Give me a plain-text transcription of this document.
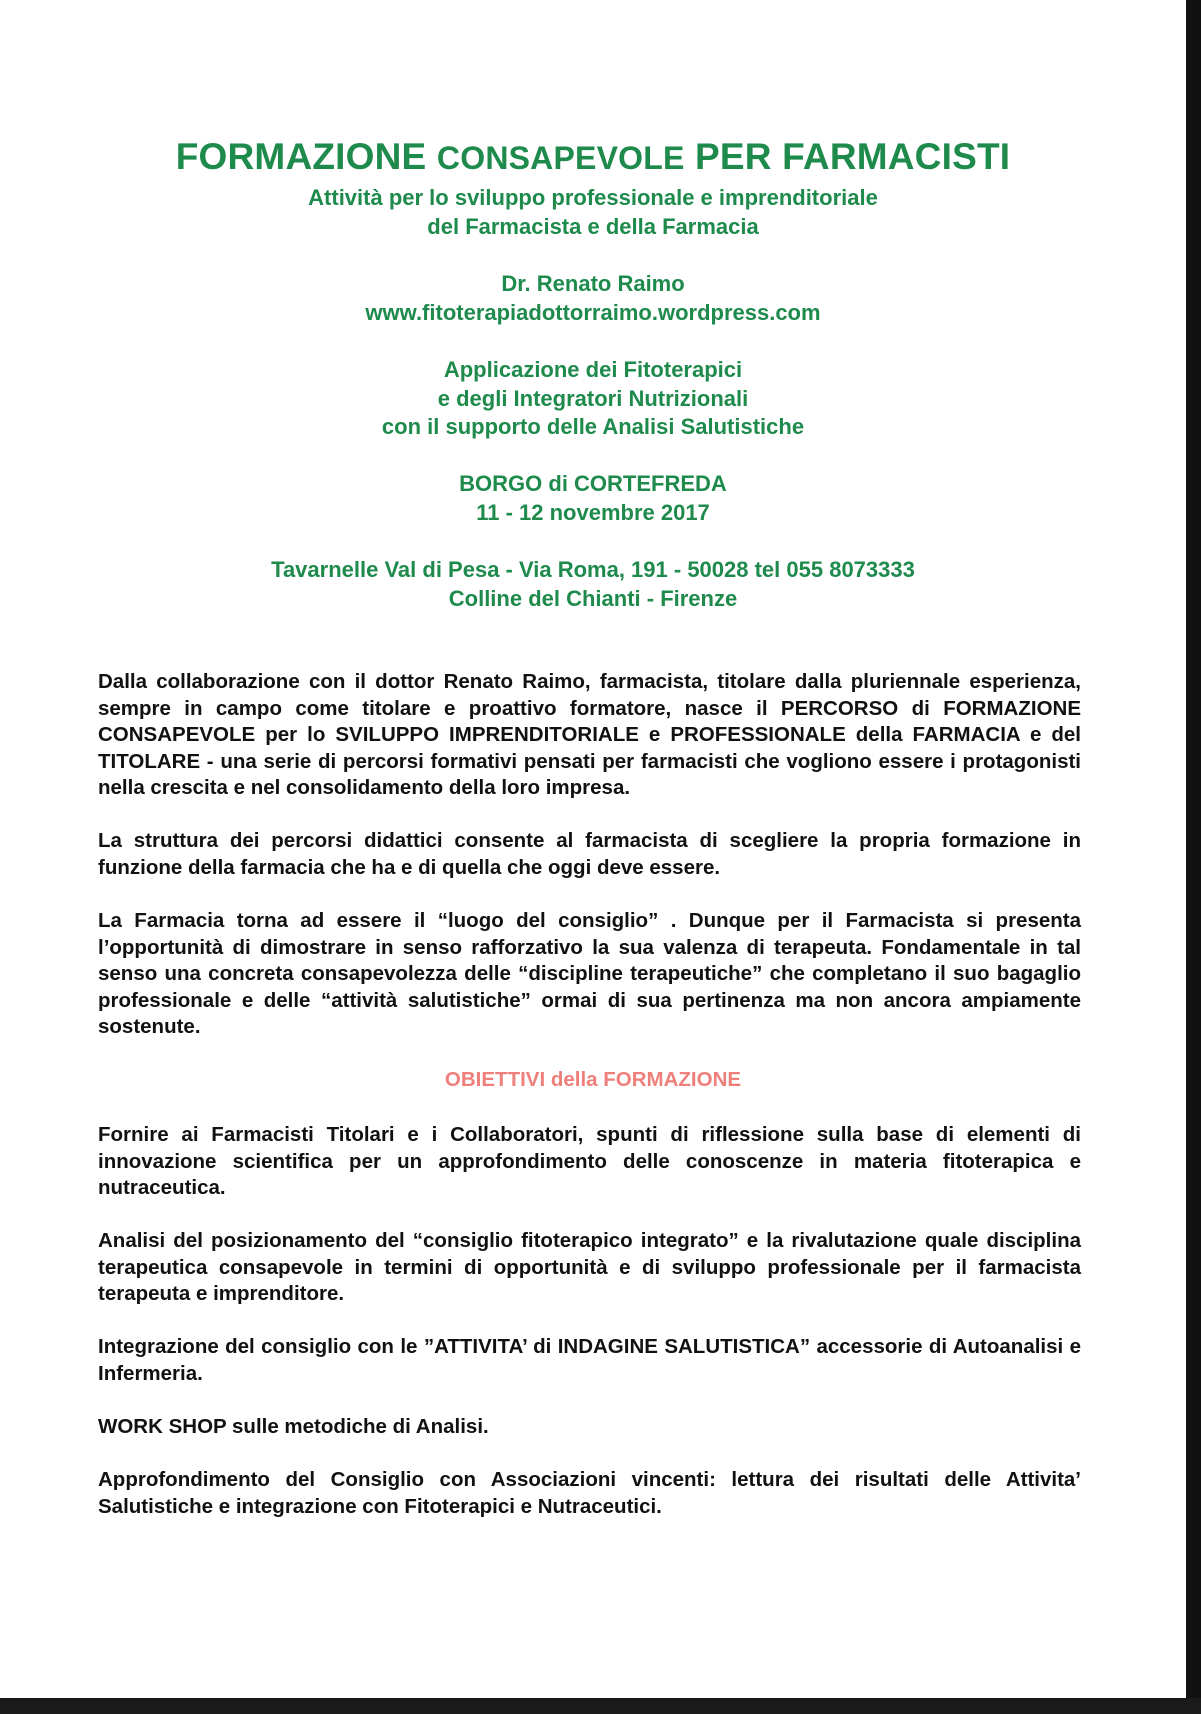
FORMAZIONE CONSAPEVOLE PER FARMACISTI
Attività per lo sviluppo professionale e imprenditoriale
del Farmacista e della Farmacia
Dr. Renato Raimo
www.fitoterapiadottorraimo.wordpress.com
Applicazione dei Fitoterapici
e degli Integratori Nutrizionali
con il supporto delle Analisi Salutistiche
BORGO di CORTEFREDA
11 - 12 novembre 2017
Tavarnelle Val di Pesa - Via Roma, 191 - 50028 tel 055 8073333
Colline del Chianti - Firenze
Dalla collaborazione con il dottor Renato Raimo, farmacista, titolare dalla pluriennale esperienza, sempre in campo come titolare e proattivo formatore, nasce il PERCORSO di FORMAZIONE CONSAPEVOLE per lo SVILUPPO IMPRENDITORIALE e PROFESSIONALE della FARMACIA e del TITOLARE - una serie di percorsi formativi pensati per farmacisti che vogliono essere i protagonisti nella crescita e nel consolidamento della loro impresa.
La struttura dei percorsi didattici consente al farmacista di scegliere la propria formazione in funzione della farmacia che ha e di quella che oggi deve essere.
La Farmacia torna ad essere il “luogo del consiglio” . Dunque per il Farmacista si presenta l’opportunità di dimostrare in senso rafforzativo la sua valenza di terapeuta. Fondamentale in tal senso una concreta consapevolezza delle “discipline terapeutiche” che completano il suo bagaglio professionale e delle “attività salutistiche” ormai di sua pertinenza ma non ancora ampiamente sostenute.
OBIETTIVI della FORMAZIONE
Fornire ai Farmacisti Titolari e i Collaboratori, spunti di riflessione sulla base di elementi di innovazione scientifica per un approfondimento delle conoscenze in materia fitoterapica e nutraceutica.
Analisi del posizionamento del “consiglio fitoterapico integrato” e la rivalutazione quale disciplina terapeutica consapevole in termini di opportunità e di sviluppo professionale per il farmacista terapeuta e imprenditore.
Integrazione del consiglio con le ”ATTIVITA’ di INDAGINE SALUTISTICA” accessorie di Autoanalisi e Infermeria.
WORK SHOP sulle metodiche di Analisi.
Approfondimento del Consiglio con Associazioni vincenti: lettura dei risultati delle Attivita’ Salutistiche e integrazione con Fitoterapici e Nutraceutici.
